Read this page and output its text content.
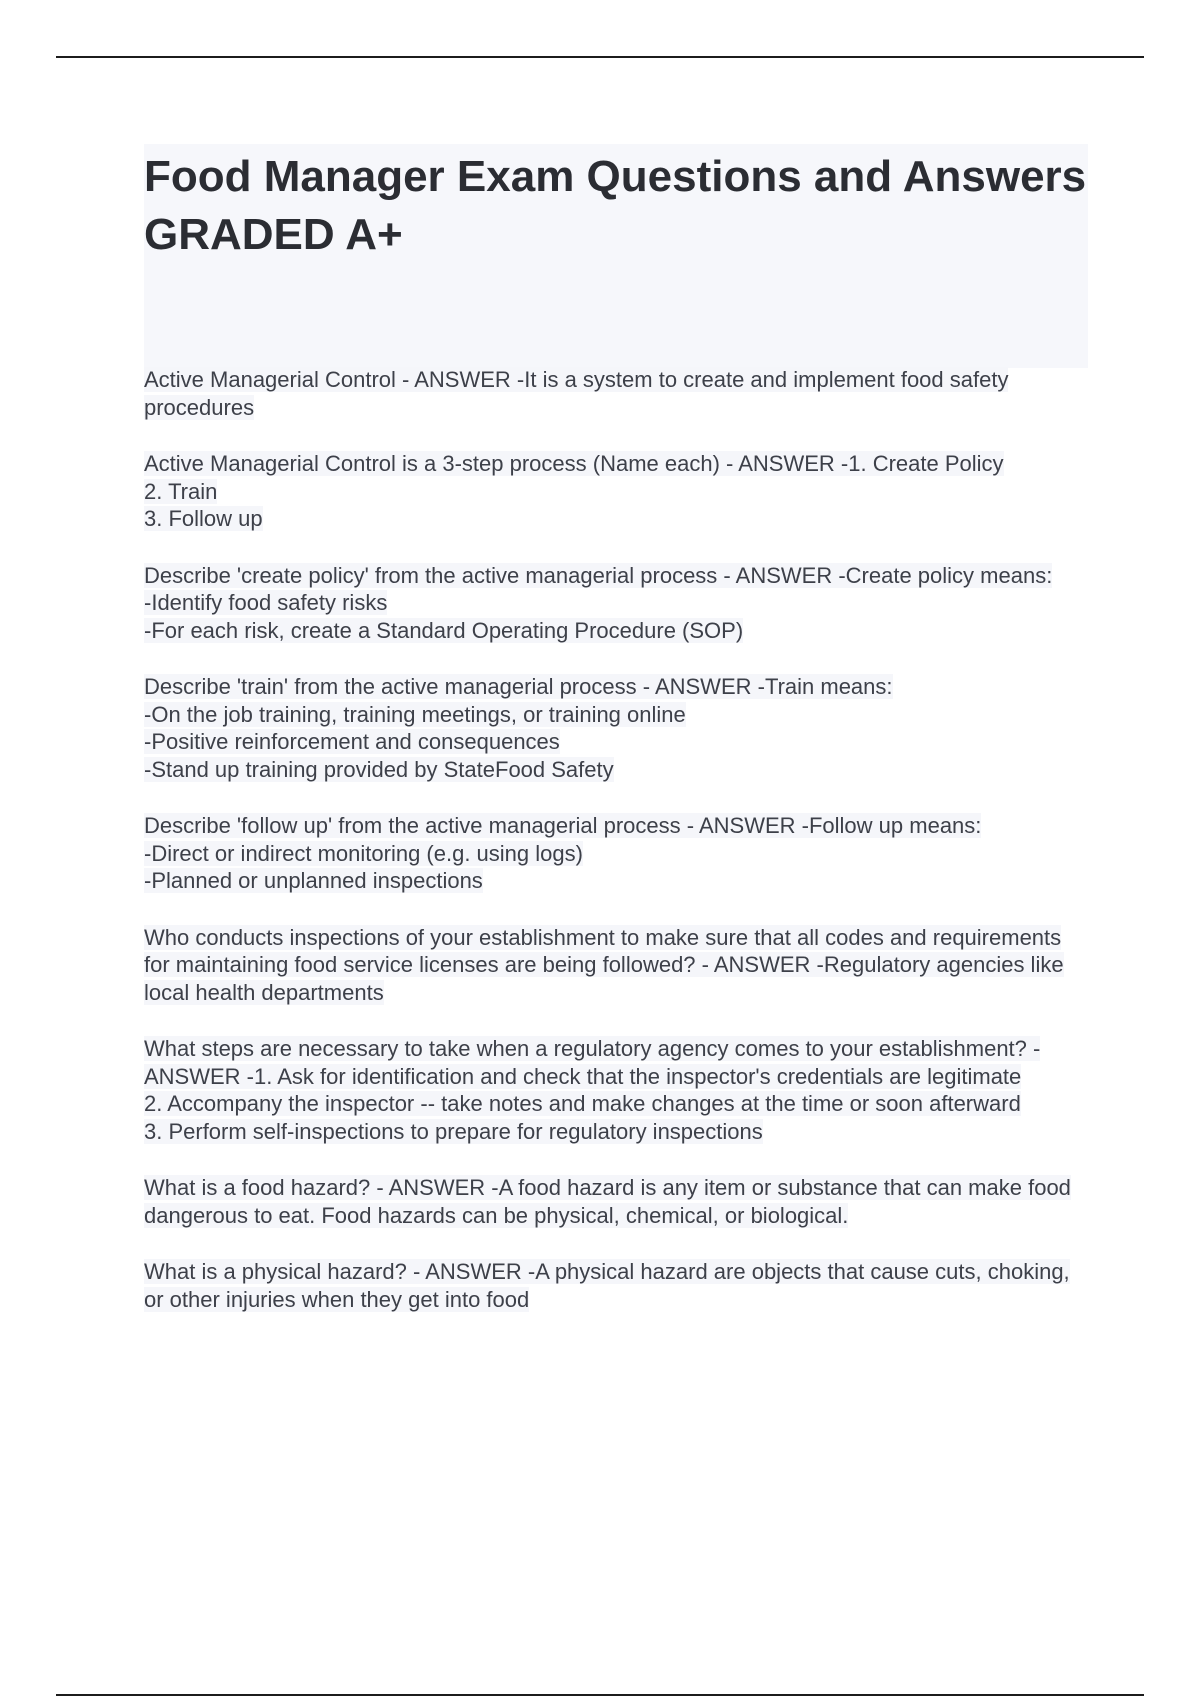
Food Manager Exam Questions and Answers GRADED A+

Active Managerial Control - ANSWER -It is a system to create and implement food safety procedures

Active Managerial Control is a 3-step process (Name each) - ANSWER -1. Create Policy
2. Train
3. Follow up

Describe 'create policy' from the active managerial process - ANSWER -Create policy means:
-Identify food safety risks
-For each risk, create a Standard Operating Procedure (SOP)

Describe 'train' from the active managerial process - ANSWER -Train means:
-On the job training, training meetings, or training online
-Positive reinforcement and consequences
-Stand up training provided by StateFood Safety

Describe 'follow up' from the active managerial process - ANSWER -Follow up means:
-Direct or indirect monitoring (e.g. using logs)
-Planned or unplanned inspections

Who conducts inspections of your establishment to make sure that all codes and requirements for maintaining food service licenses are being followed? - ANSWER -Regulatory agencies like local health departments

What steps are necessary to take when a regulatory agency comes to your establishment? - ANSWER -1. Ask for identification and check that the inspector's credentials are legitimate
2. Accompany the inspector -- take notes and make changes at the time or soon afterward
3. Perform self-inspections to prepare for regulatory inspections

What is a food hazard? - ANSWER -A food hazard is any item or substance that can make food dangerous to eat. Food hazards can be physical, chemical, or biological.

What is a physical hazard? - ANSWER -A physical hazard are objects that cause cuts, choking, or other injuries when they get into food
